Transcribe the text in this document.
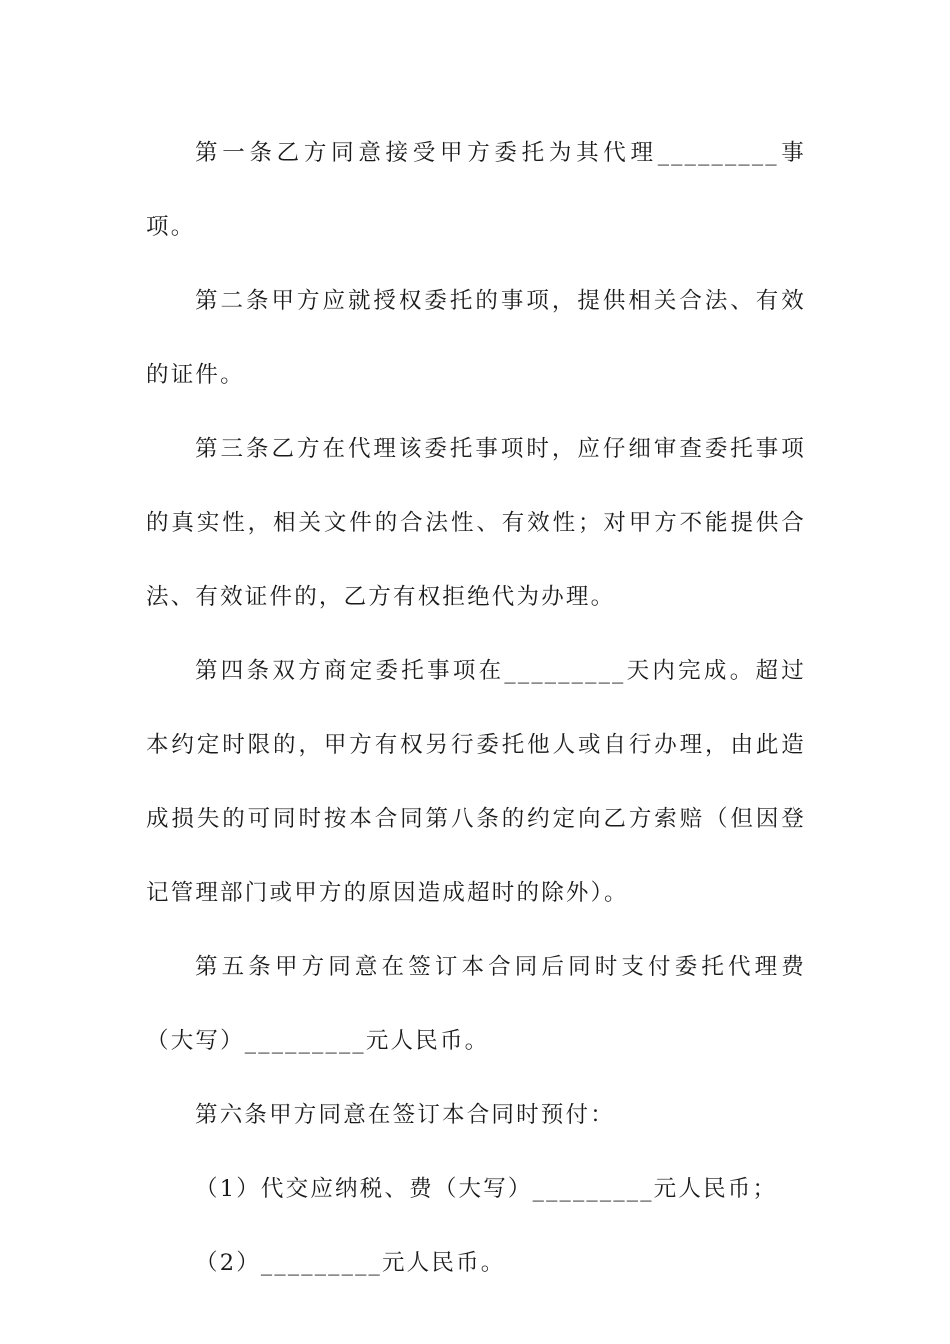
第一条乙方同意接受甲方委托为其代理_________事项。

第二条甲方应就授权委托的事项，提供相关合法、有效的证件。

第三条乙方在代理该委托事项时，应仔细审查委托事项的真实性，相关文件的合法性、有效性；对甲方不能提供合法、有效证件的，乙方有权拒绝代为办理。

第四条双方商定委托事项在_________天内完成。超过本约定时限的，甲方有权另行委托他人或自行办理，由此造成损失的可同时按本合同第八条的约定向乙方索赔（但因登记管理部门或甲方的原因造成超时的除外）。

第五条甲方同意在签订本合同后同时支付委托代理费（大写）_________元人民币。

第六条甲方同意在签订本合同时预付：

（1）代交应纳税、费（大写）_________元人民币；

（2）_________元人民币。
